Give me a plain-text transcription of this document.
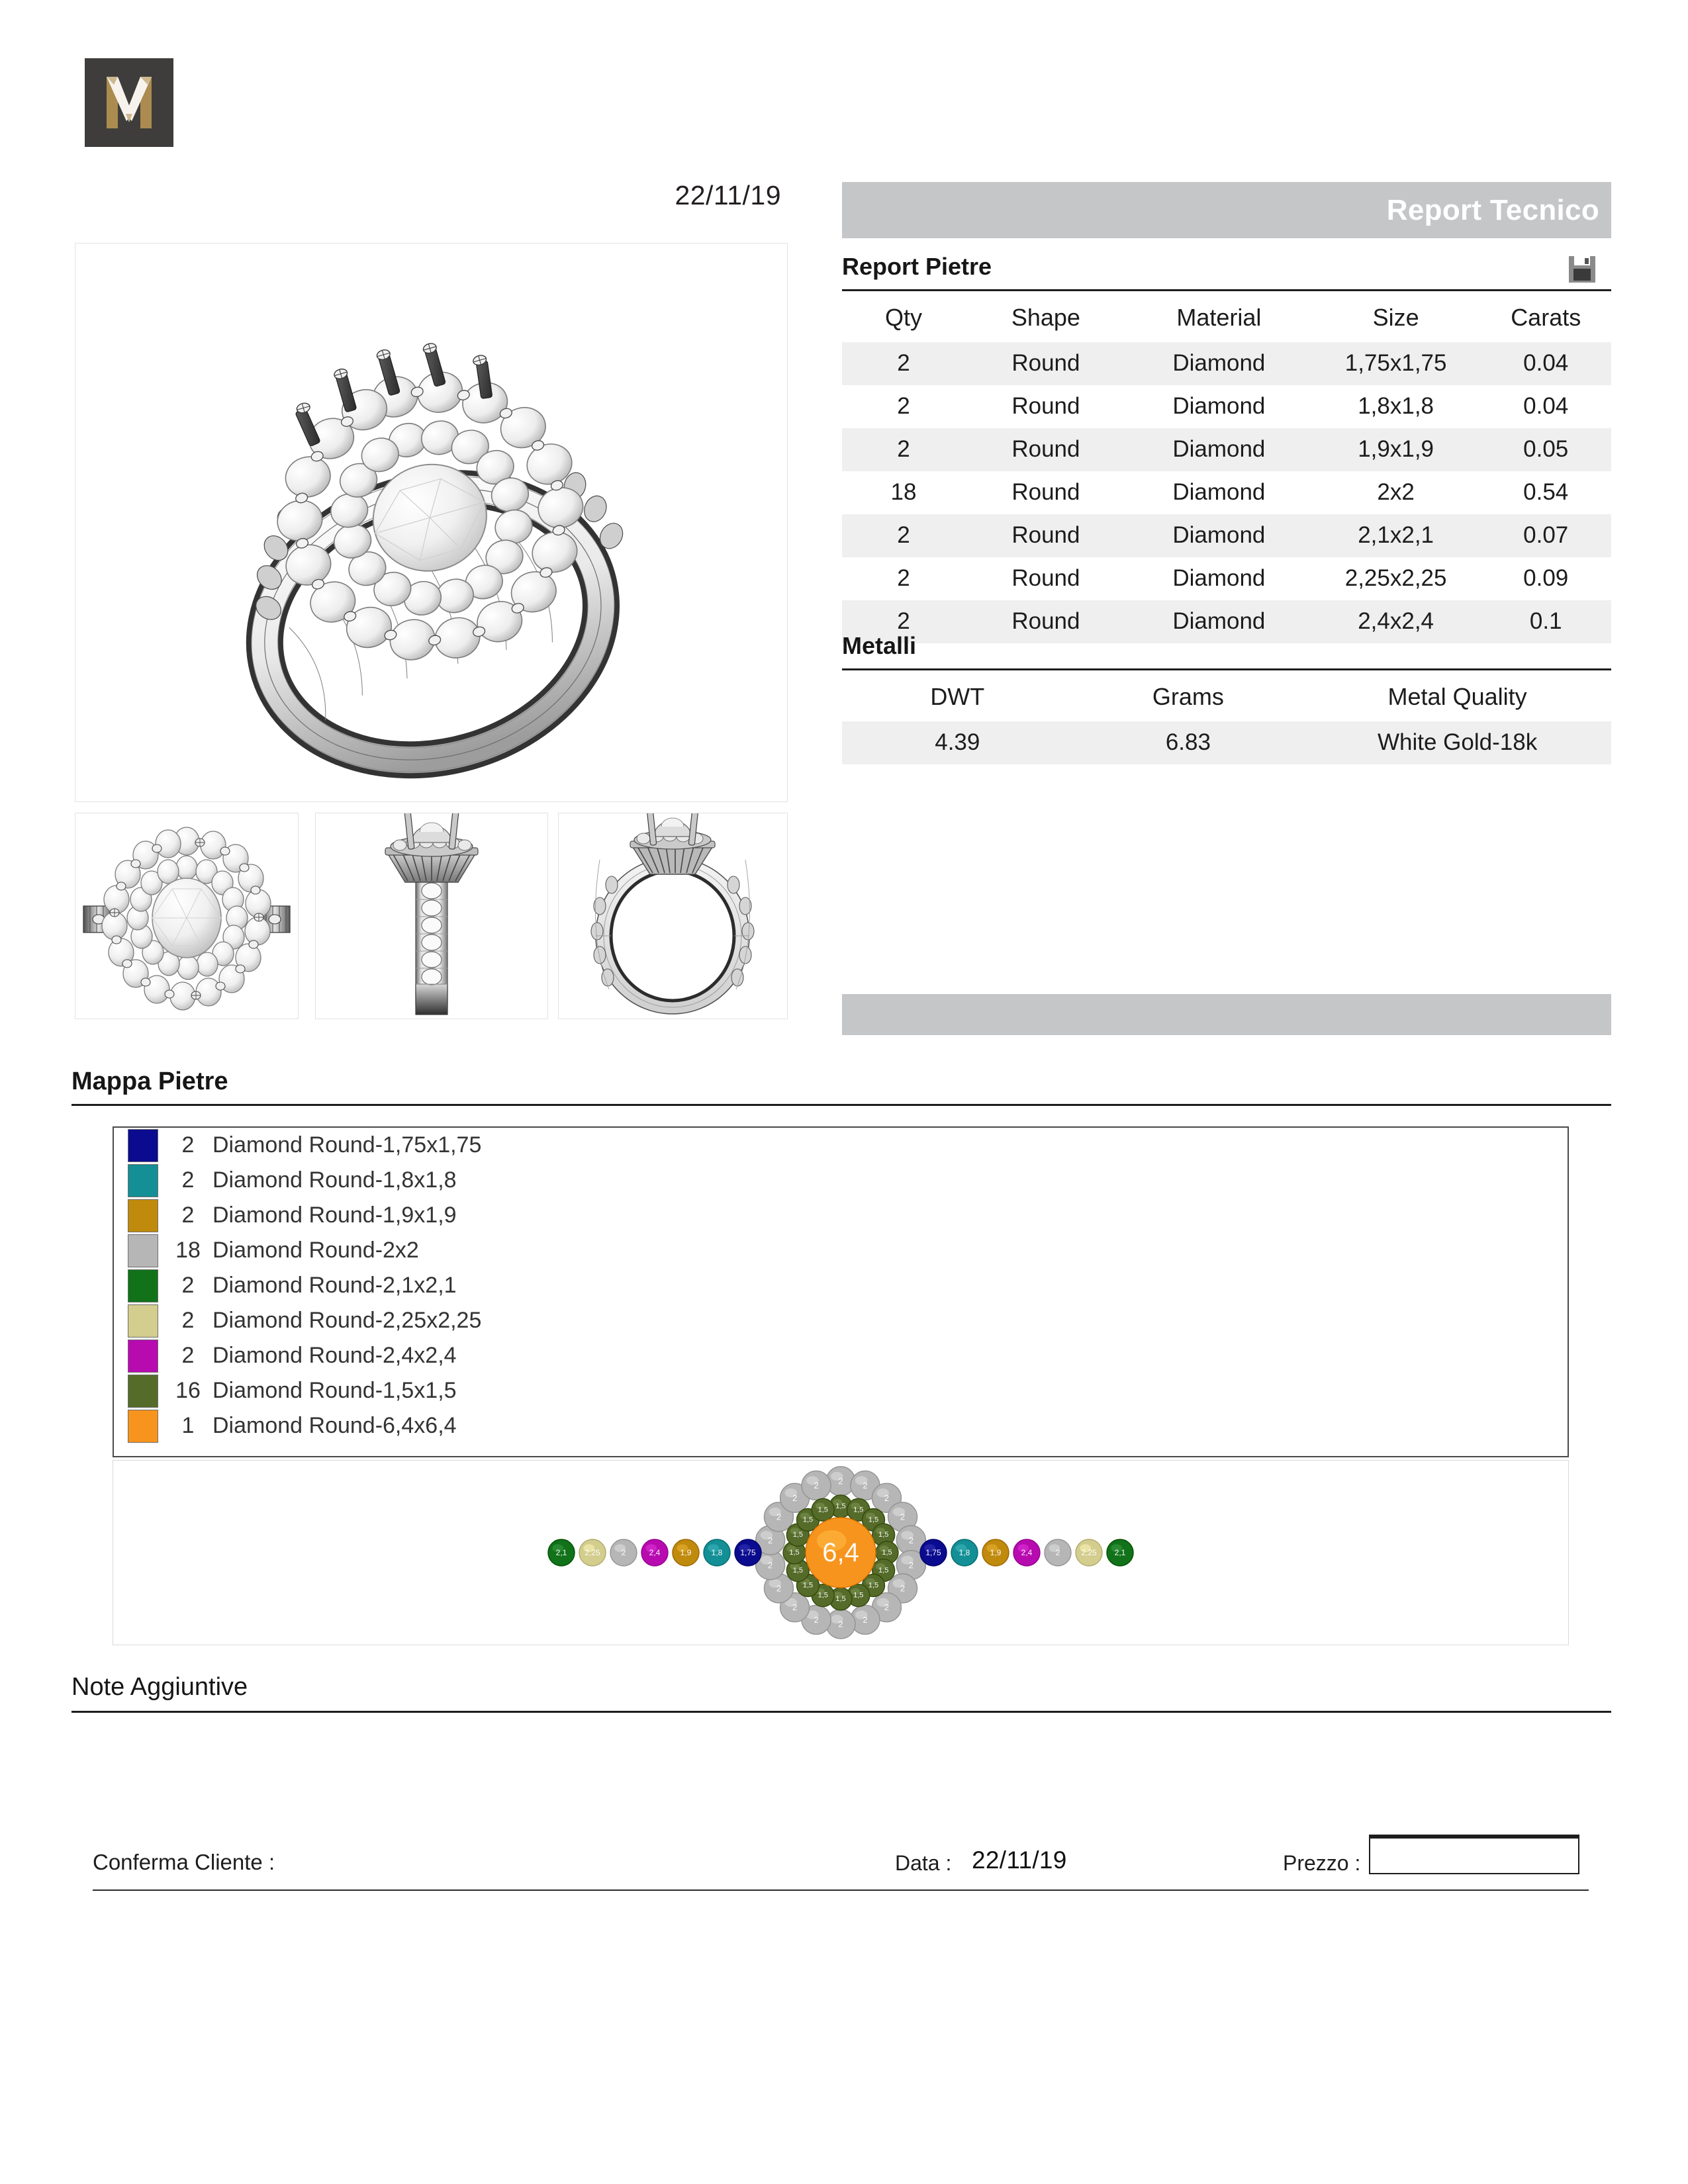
22/11/19	Report Tecnico
Report Pietre
Qty	Shape	Material	Size	Carats
2	Round	Diamond	1,75x1,75	0.04
2	Round	Diamond	1,8x1,8	0.04
2	Round	Diamond	1,9x1,9	0.05
18	Round	Diamond	2x2	0.54
2	Round	Diamond	2,1x2,1	0.07
2	Round	Diamond	2,25x2,25	0.09
2	Round	Diamond	2,4x2,4	0.1
Metalli
DWT	Grams	Metal Quality
4.39	6.83	White Gold-18k
Mappa Pietre
2 Diamond Round-1,75x1,75
2 Diamond Round-1,8x1,8
2 Diamond Round-1,9x1,9
18 Diamond Round-2x2
2 Diamond Round-2,1x2,1
2 Diamond Round-2,25x2,25
2 Diamond Round-2,4x2,4
16 Diamond Round-1,5x1,5
1 Diamond Round-6,4x6,4
2 2
2
2
2
2
2
2
2
2
2
2
2
2
2
2
2
2
1,5 1,5
1,5
1,5
1,5
1,5
1,5
1,5
1,5
1,5
1,5
1,5
1,5
1,5
1,5
1,5
6,4
1,75
1,8
1,9
2,4
2
2,25
2,1	1,75 1,8	1,9	2,4	2	2,25 2,1
Note Aggiuntive
Conferma Cliente :	Data : 22/11/19	Prezzo :
